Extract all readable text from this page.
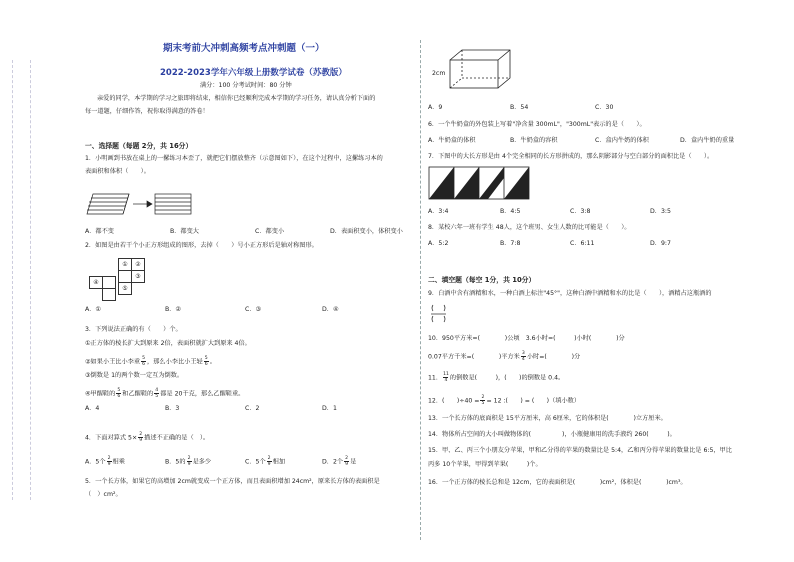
期末考前大冲刺高频考点冲刺题（一）
2022-2023学年六年级上册数学试卷（苏教版）
满分：100 分考试时间：80 分钟
亲爱的同学，本学期的学习之旅即将结束，相信你已经顺利完成本学期的学习任务，请认真分析下面的
每一道题，仔细作答，祝你取得满意的答卷！
一、选择题（每题 2分，共 16分）
1．小明画到书放在桌上的一摞练习本歪了，就把它们摆放整齐（示意图如下），在这个过程中，这摞练习本的
表面积和体积（　　）。
A．都不变	B．都变大	C．都变小	D．表面积变小，体积变小
2．如图是由若干个小正方形组成的图形，去掉（　　）号小正方形后是轴对称图形。
①	②
③
④
⑤
A．①	B．②	C．③	D．④
3．下列说法正确的有（　　）个。
①正方体的棱长扩大到原来 2倍，表面积就扩大到原来 4倍。
②如果小王比小李重 $\frac{5}{6}$ ，那么小李比小王轻 $\frac{5}{6}$ 。
③倒数是 1的两个数一定互为倒数。
④甲醒鞋的 $\frac{5}{6}$ 和乙醒鞋的 $\frac{4}{5}$ 都是 20千克，那么乙醒鞋重。
A．4	B．3	C．2	D．1
4．下面对算式 $5\times \frac{2}{9}$ 描述不正确的是（　）。
A．5个 $\frac{2}{9}$ 相乘	B．5的 $\frac{2}{9}$ 是多少	C．5个 $\frac{2}{9}$ 相加	D．2个 $\frac{2}{9}$ 是
5．一个长方体，如果它的高增加 2cm就变成一个正方体，而且表面积增加 24cm²，原来长方体的表面积是
（　）cm²。
2cm
A．9	B．54	C．30
6．一个牛奶盒的外包装上写着"净含量 300mL"，"300mL"表示的是（　　）。
A．牛奶盒的体积	B．牛奶盒的容积	C．盒内牛奶的体积	D．盒内牛奶的重量
7．下图中的大长方形是由 4个完全相同的长方形拼成的，那么阴影部分与空白部分的面积比是（　　）。
A．3:4	B．4:5	C．3:8	D．3:5
8．某校六年一班有学生 48人，这个班男、女生人数的比可能是（　　）。
A．5:2	B．7:8	C．6:11	D．9:7
二、填空题（每空 1分，共 10分）
9．白酒中含有酒精和水，一种白酒上标注"45°"，这种白酒中酒精和水的比是（　　），酒精占这瓶酒的
10．950平方米=(　　　　)公顷　3.6小时=(　　　)小时(　　　　)分
0.07平方千米=(　　　　)平方米 $\frac{3}{4}$ 小时=(　　　　)分
11． $\frac{11}{4}$ 的倒数是(　　　)，(　　)的倒数是 0.4。
12．(　　)$\div 40 = \frac{2}{5} = 12$ :(　　) = (　　)（填小数）
13．一个长方体的底面积是 15平方厘米，高 6厘米，它的体积是(　　　　)立方厘米。
14．物体所占空间的大小叫做物体的(　　　　　)，小瓶健康用的洗手液约 260(　　　)。
15．甲、乙、丙三个小朋友分苹果，甲和乙分得的苹果的数量比是 5:4，乙和丙分得苹果的数量比是 6:5，甲比
丙多 10个苹果，甲得到苹果(　　　)个。
16．一个正方体的棱长总和是 12cm，它的表面积是(　　　　)cm²，体积是(　　　　)cm³。
